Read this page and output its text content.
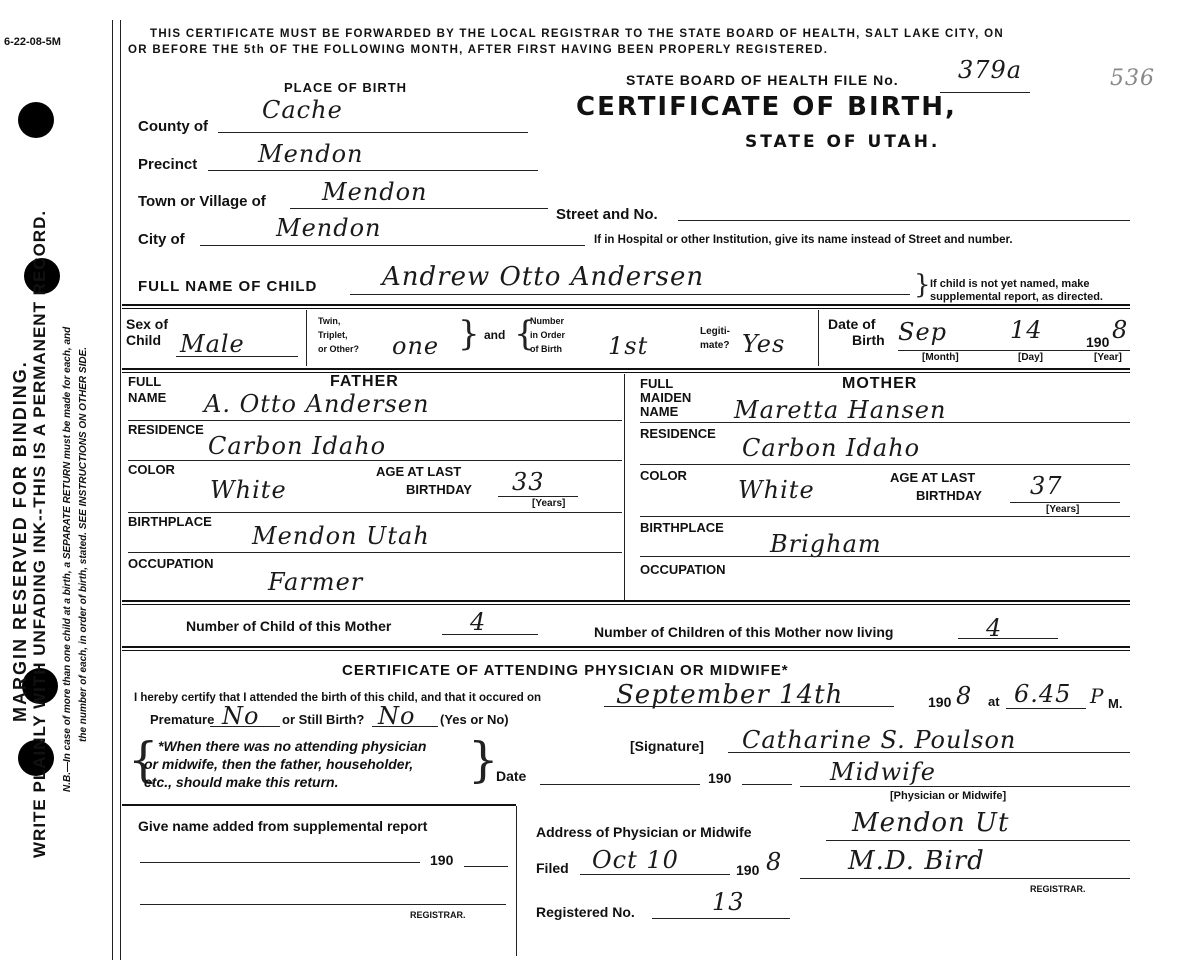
6-22-08-5M
WRITE PLAINLY WITH UNFADING INK--THIS IS A PERMANENT RECORD.
MARGIN RESERVED FOR BINDING.	N.B.—In case of more than one child at a birth, a SEPARATE RETURN must be made for each, and the number of each, in order of birth, stated. SEE INSTRUCTIONS ON OTHER SIDE.
THIS CERTIFICATE MUST BE FORWARDED BY THE LOCAL REGISTRAR TO THE STATE BOARD OF HEALTH, SALT LAKE CITY, ON
OR BEFORE THE 5th OF THE FOLLOWING MONTH, AFTER FIRST HAVING BEEN PROPERLY REGISTERED.
STATE BOARD OF HEALTH FILE No. 379a	536
CERTIFICATE OF BIRTH,
STATE OF UTAH.
PLACE OF BIRTH
County of
Cache
Precinct	Mendon
Town or Village of Mendon
Street and No.
City of	Mendon	If in Hospital or other Institution, give its name instead of Street and number.
FULL NAME OF CHILD Andrew Otto Andersen	} If child is not yet named, make
supplemental report, as directed.
Sex of
Child Male
Twin,
Triplet,
or Other? one } and {
Number
in Order
of Birth 1st
Legiti-
mate? Yes
Date of
Birth Sep	14	190 8
[Month]	[Day]	[Year]
FATHER
FULL
NAME A. Otto Andersen
RESIDENCE
Carbon Idaho
COLOR
White
AGE AT LAST
BIRTHDAY 33
[Years]
BIRTHPLACE
Mendon Utah
OCCUPATION
Farmer
MOTHER
FULL
MAIDEN
NAME Maretta Hansen
RESIDENCE
Carbon Idaho
COLOR
White	AGE AT LAST
BIRTHDAY 37
[Years]
BIRTHPLACE
Brigham
OCCUPATION
Number of Child of this Mother	4	Number of Children of this Mother now living	4
CERTIFICATE OF ATTENDING PHYSICIAN OR MIDWIFE*
I hereby certify that I attended the birth of this child, and that it occured on	September 14th	190 8 at 6.45 P M.
Premature No or Still Birth? No (Yes or No)
{ *When there was no attending physician
or midwife, then the father, householder,
etc., should make this return.	}	[Signature] Catharine S. Poulson
Date	190	Midwife
[Physician or Midwife]
Give name added from supplemental report
190
REGISTRAR.
Address of Physician or Midwife	Mendon Ut
Filed Oct 10	190 8	M.D. Bird
REGISTRAR.
Registered No.	13
